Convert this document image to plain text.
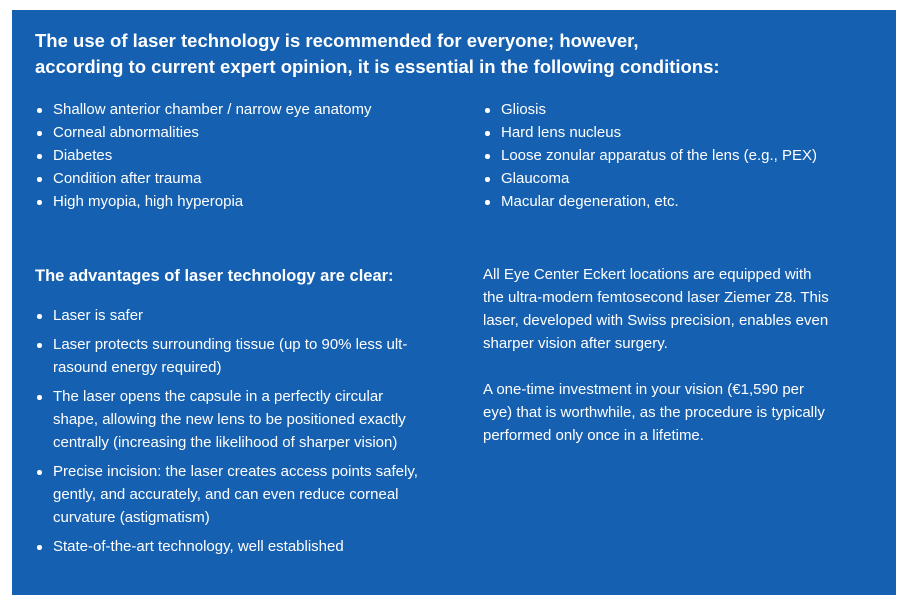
The use of laser technology is recommended for everyone; however,
according to current expert opinion, it is essential in the following conditions:
Shallow anterior chamber / narrow eye anatomy
Corneal abnormalities
Diabetes
Condition after trauma
High myopia, high hyperopia
Gliosis
Hard lens nucleus
Loose zonular apparatus of the lens (e.g., PEX)
Glaucoma
Macular degeneration, etc.
The advantages of laser technology are clear:
Laser is safer
Laser protects surrounding tissue (up to 90% less ult-
rasound energy required)
The laser opens the capsule in a perfectly circular
shape, allowing the new lens to be positioned exactly
centrally (increasing the likelihood of sharper vision)
Precise incision: the laser creates access points safely,
gently, and accurately, and can even reduce corneal
curvature (astigmatism)
State-of-the-art technology, well established

All Eye Center Eckert locations are equipped with
the ultra-modern femtosecond laser Ziemer Z8. This
laser, developed with Swiss precision, enables even
sharper vision after surgery.

A one-time investment in your vision (€1,590 per
eye) that is worthwhile, as the procedure is typically
performed only once in a lifetime.
